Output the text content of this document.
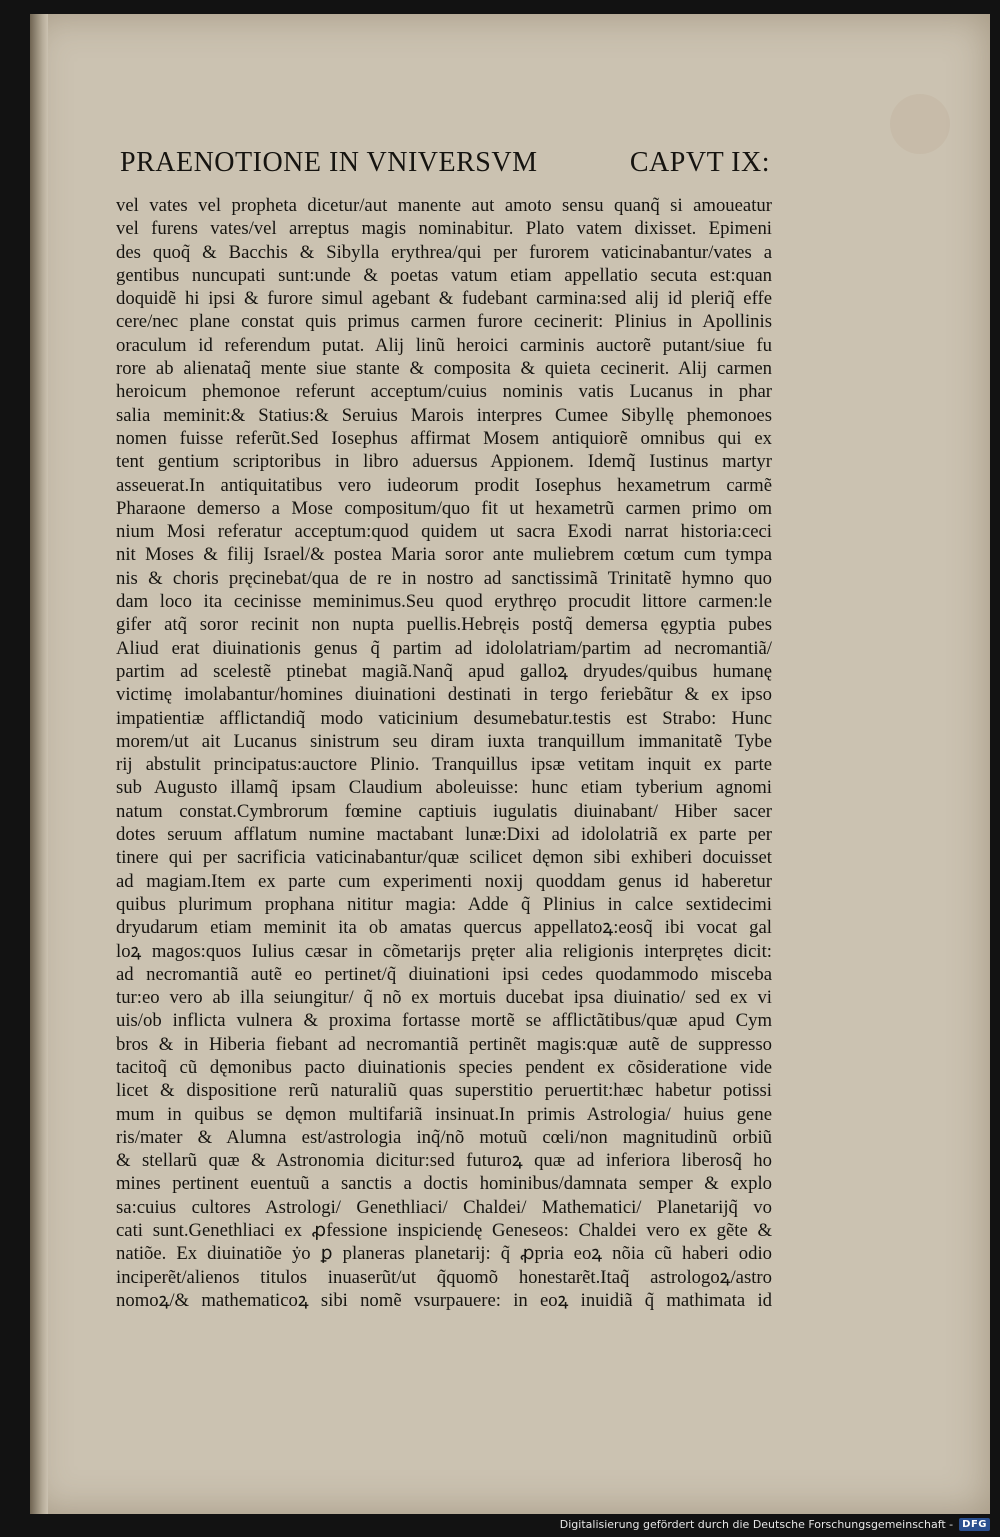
PRAENOTIONE IN VNIVERSVM	CAPVT IX:
vel vates vel propheta dicetur/aut manente aut amoto sensu quanq̃ si amoueatur
vel furens vates/vel arreptus magis nominabitur. Plato vatem dixisset. Epimeni
des quoq̃ & Bacchis & Sibylla erythrea/qui per furorem vaticinabantur/vates a
gentibus nuncupati sunt:unde & poetas vatum etiam appellatio secuta est:quan
doquidẽ hi ipsi & furore simul agebant & fudebant carmina:sed alij id pleriq̃ effe
cere/nec plane constat quis primus carmen furore cecinerit: Plinius in Apollinis
oraculum id referendum putat. Alij linũ heroici carminis auctorẽ putant/siue fu
rore ab alienataq̃ mente siue stante & composita & quieta cecinerit. Alij carmen
heroicum phemonoe referunt acceptum/cuius nominis vatis Lucanus in phar
salia meminit:& Statius:& Seruius Marois interpres Cumee Sibyllę phemonoes
nomen fuisse referũt.Sed Iosephus affirmat Mosem antiquiorẽ omnibus qui ex
tent gentium scriptoribus in libro aduersus Appionem. Idemq̃ Iustinus martyr
asseuerat.In antiquitatibus vero iudeorum prodit Iosephus hexametrum carmẽ
Pharaone demerso a Mose compositum/quo fit ut hexametrũ carmen primo om
nium Mosi referatur acceptum:quod quidem ut sacra Exodi narrat historia:ceci
nit Moses & filij Israel/& postea Maria soror ante muliebrem cœtum cum tympa
nis & choris pręcinebat/qua de re in nostro ad sanctissimã Trinitatẽ hymno quo
dam loco ita cecinisse meminimus.Seu quod erythręo procudit littore carmen:le
gifer atq̃ soror recinit non nupta puellis.Hebręis postq̃ demersa ęgyptia pubes
Aliud erat diuinationis genus q̃ partim ad idololatriam/partim ad necromantiã/
partim ad scelestẽ ptinebat magiã.Nanq̃ apud galloꝝ dryudes/quibus humanę
victimę imolabantur/homines diuinationi destinati in tergo feriebãtur & ex ipso
impatientiæ afflictandiq̃ modo vaticinium desumebatur.testis est Strabo: Hunc
morem/ut ait Lucanus sinistrum seu diram iuxta tranquillum immanitatẽ Tybe
rij abstulit principatus:auctore Plinio. Tranquillus ipsæ vetitam inquit ex parte
sub Augusto illamq̃ ipsam Claudium aboleuisse: hunc etiam tyberium agnomi
natum constat.Cymbrorum fœmine captiuis iugulatis diuinabant/ Hiber sacer
dotes seruum afflatum numine mactabant lunæ:Dixi ad idololatriã ex parte per
tinere qui per sacrificia vaticinabantur/quæ scilicet dęmon sibi exhiberi docuisset
ad magiam.Item ex parte cum experimenti noxij quoddam genus id haberetur
quibus plurimum prophana nititur magia: Adde q̃ Plinius in calce sextidecimi
dryudarum etiam meminit ita ob amatas quercus appellatoꝝ:eosq̃ ibi vocat gal
loꝝ magos:quos Iulius cæsar in cõmetarijs pręter alia religionis interprętes dicit:
ad necromantiã autẽ eo pertinet/q̃ diuinationi ipsi cedes quodammodo misceba
tur:eo vero ab illa seiungitur/ q̃ nõ ex mortuis ducebat ipsa diuinatio/ sed ex vi
uis/ob inflicta vulnera & proxima fortasse mortẽ se afflictãtibus/quæ apud Cym
bros & in Hiberia fiebant ad necromantiã pertinẽt magis:quæ autẽ de suppresso
tacitoq̃ cũ dęmonibus pacto diuinationis species pendent ex cõsideratione vide
licet & dispositione rerũ naturaliũ quas superstitio peruertit:hæc habetur potissi
mum in quibus se dęmon multifariã insinuat.In primis Astrologia/ huius gene
ris/mater & Alumna est/astrologia inq̃/nõ motuũ cœli/non magnitudinũ orbiũ
& stellarũ quæ & Astronomia dicitur:sed futuroꝝ quæ ad inferiora liberosq̃ ho
mines pertinent euentuũ a sanctis a doctis hominibus/damnata semper & explo
sa:cuius cultores Astrologi/ Genethliaci/ Chaldei/ Mathematici/ Planetarijq̃ vo
cati sunt.Genethliaci ex ꝓfessione inspiciendę Geneseos: Chaldei vero ex gẽte &
natiõe. Ex diuinatiõe ẏo ꝑ planeras planetarij: q̃ ꝓpria eoꝝ nõia cũ haberi odio
inciperẽt/alienos titulos inuaserũt/ut q̃quomõ honestarẽt.Itaq̃ astrologoꝝ/astro
nomoꝝ/& mathematicoꝝ sibi nomẽ vsurpauere: in eoꝝ inuidiã q̃ mathimata id
Digitalisierung gefördert durch die Deutsche Forschungsgemeinschaft - DFG
